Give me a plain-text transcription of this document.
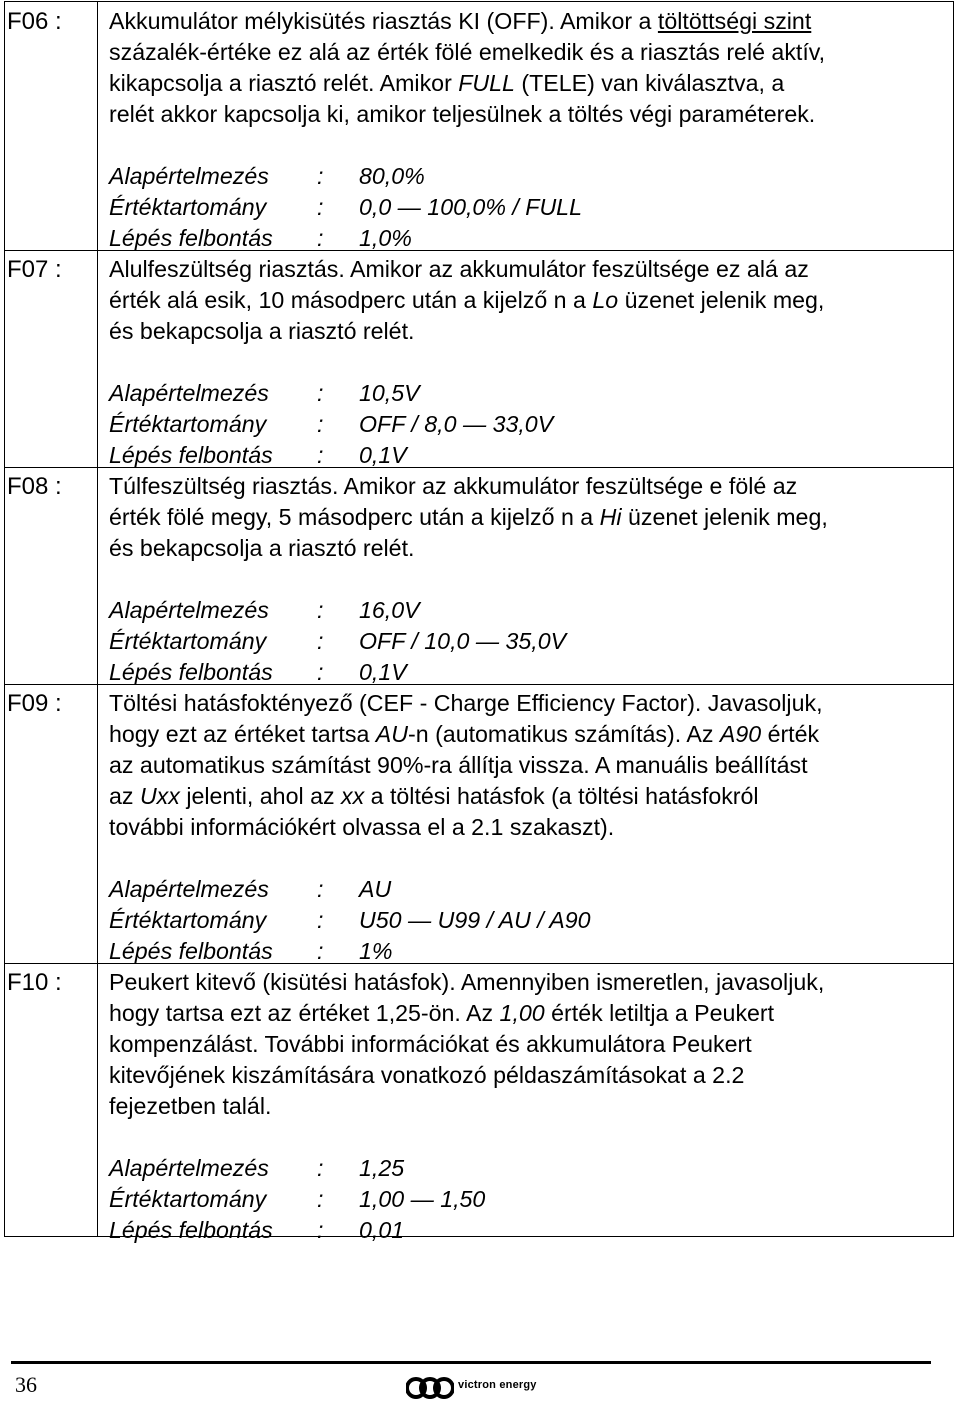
F06 :	Akkumulátor mélykisütés riasztás KI (OFF). Amikor a töltöttségi szint
százalék-értéke ez alá az érték fölé emelkedik és a riasztás relé aktív,
kikapcsolja a riasztó relét. Amikor FULL (TELE) van kiválasztva, a
relét akkor kapcsolja ki, amikor teljesülnek a töltés végi paraméterek.

Alapértelmezés : 80,0%
Értéktartomány : 0,0 ― 100,0% / FULL
Lépés felbontás : 1,0%
F07 :	Alulfeszültség riasztás. Amikor az akkumulátor feszültsége ez alá az
érték alá esik, 10 másodperc után a kijelző n a Lo üzenet jelenik meg,
és bekapcsolja a riasztó relét.

Alapértelmezés : 10,5V
Értéktartomány : OFF / 8,0 ― 33,0V
Lépés felbontás : 0,1V
F08 :	Túlfeszültség riasztás. Amikor az akkumulátor feszültsége e fölé az
érték fölé megy, 5 másodperc után a kijelző n a Hi üzenet jelenik meg,
és bekapcsolja a riasztó relét.

Alapértelmezés : 16,0V
Értéktartomány : OFF / 10,0 ― 35,0V
Lépés felbontás : 0,1V
F09 :	Töltési hatásfoktényező (CEF - Charge Efficiency Factor). Javasoljuk,
hogy ezt az értéket tartsa AU-n (automatikus számítás). Az A90 érték
az automatikus számítást 90%-ra állítja vissza. A manuális beállítást
az Uxx jelenti, ahol az xx a töltési hatásfok (a töltési hatásfokról
további információkért olvassa el a 2.1 szakaszt).

Alapértelmezés : AU
Értéktartomány : U50 ― U99 / AU / A90
Lépés felbontás : 1%
F10 :	Peukert kitevő (kisütési hatásfok). Amennyiben ismeretlen, javasoljuk,
hogy tartsa ezt az értéket 1,25-ön. Az 1,00 érték letiltja a Peukert
kompenzálást. További információkat és akkumulátora Peukert
kitevőjének kiszámítására vonatkozó példaszámításokat a 2.2
fejezetben talál.

Alapértelmezés : 1,25
Értéktartomány : 1,00 ― 1,50
Lépés felbontás : 0,01
36	victron energy
